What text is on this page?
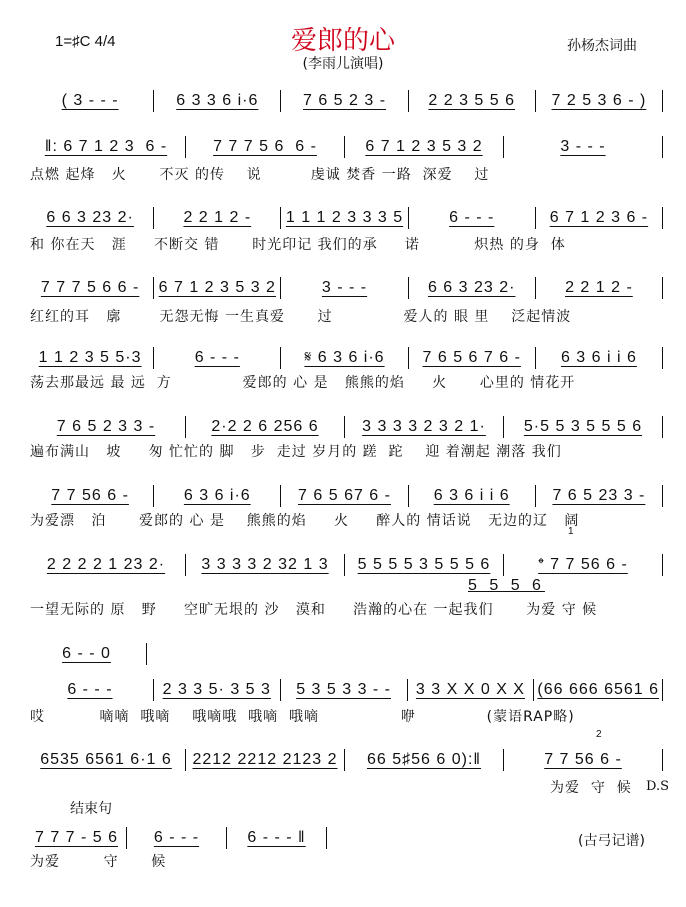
爱郎的心
(李雨儿演唱)
1=♯C 4/4	孙杨杰词曲
( 3 - - -	6 3 3 6 i·6	7 6 5 2 3 -	2 2 3 5 5 6	7 2 5 3 6 - )
‖: 6 7 1 2 3  6 -	7 7 7 5 6  6 -	6 7 1 2 3 5 3 2	3 - - -
点燃 起烽   火      不灭 的传    说         虔诚 焚香 一路  深爱    过
6 6 3 23 2·	2 2 1 2 -	1 1 1 2 3 3 3 5	6 - - -	6 7 1 2 3 6 -
和 你在天   涯     不断交 错      时光印记 我们的承     诺          炽热 的身  体
7 7 7 5 6 6 -	6 7 1 2 3 5 3 2	3 - - -	6 6 3 23 2·	2 2 1 2 -
红红的耳   廓       无怨无悔 一生真爱      过             爱人的 眼 里    泛起情波
1 1 2 3 5 5·3	6 - - -	𝄋 6 3 6 i·6	7 6 5 6 7 6 -	6 3 6 i i 6
荡去那最远 最 远  方             爱郎的 心 是   熊熊的焰     火      心里的 情花开
7 6 5 2 3 3 -	2·2 2 6 256 6	3 3 3 3 2 3 2 1·	5·5 5 3 5 5 5 6
遍布满山   坡     匆 忙忙的 脚   步  走过 岁月的 蹉  跎    迎 着潮起 潮落 我们
7 7 56 6 -	6 3 6 i·6	7 6 5 67 6 -	6 3 6 i i 6	7 6 5 23 3 -
为爱漂   泊      爱郎的 心 是    熊熊的焰     火     醉人的 情话说   无边的辽   阔
2 2 2 2 1 23 2·	3 3 3 3 2 32 1 3	5 5 5 5 3 5 5 5 6	𝄌 7 7 56 6 -
一望无际的 原   野     空旷无垠的 沙   漠和     浩瀚的心在 一起我们      为爱 守 候
5 5 5 6
1
6 - - 0
6 - - -	2 3 3 5· 3 5 3	5 3 5 3 3 - -	3 3 X X 0 X X (66 666 6561 6
哎          嘀嘀  哦嘀    哦嘀哦  哦嘀  哦嘀               咿             (蒙语RAP略)
6535 6561 6·1 6	2212 2212 2123 2	66 5♯56 6 0):‖	7 7 56 6 -
为爱  守  候
2
D.S
7 7 7 - 5 6	6 - - -	6 - - - ‖
为爱        守      候
结束句
(古弓记谱)
